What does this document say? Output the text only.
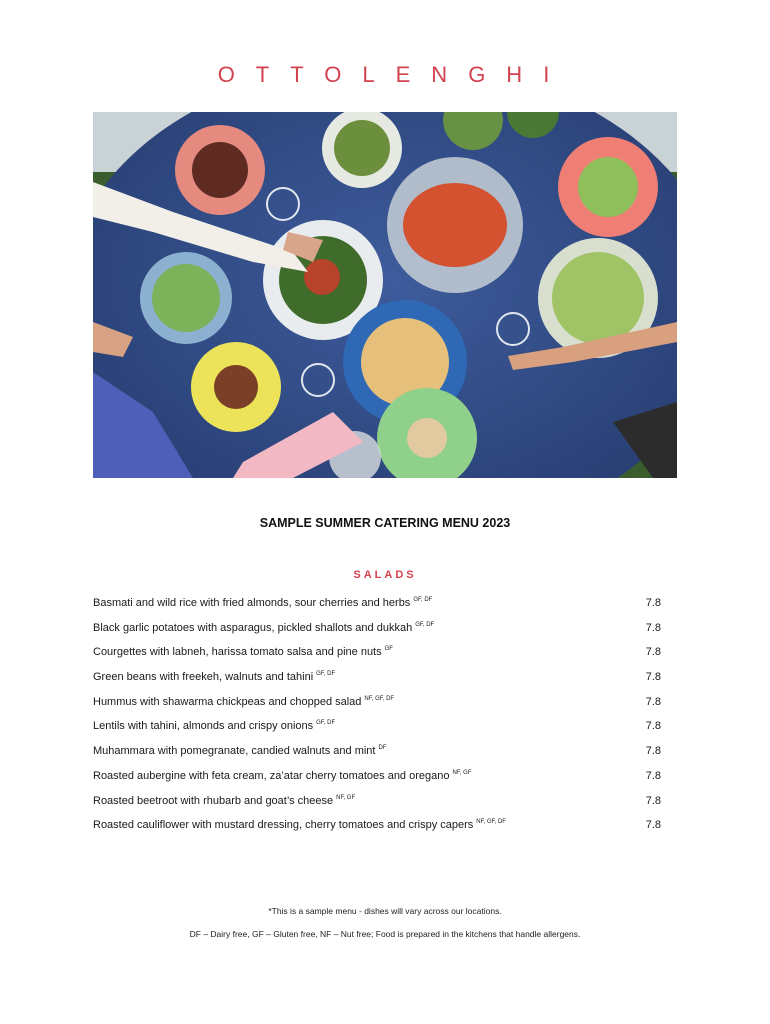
OTTOLENGHI
SAMPLE SUMMER CATERING MENU 2023
SALADS
Basmati and wild rice with fried almonds, sour cherries and herbs $^{GF, DF}$	7.8
Black garlic potatoes with asparagus, pickled shallots and dukkah $^{GF, DF}$	7.8
Courgettes with labneh, harissa tomato salsa and pine nuts $^{GF}$	7.8
Green beans with freekeh, walnuts and tahini $^{GF, DF}$	7.8
Hummus with shawarma chickpeas and chopped salad $^{NF, GF, DF}$	7.8
Lentils with tahini, almonds and crispy onions $^{GF, DF}$	7.8
Muhammara with pomegranate, candied walnuts and mint $^{DF}$	7.8
Roasted aubergine with feta cream, za’atar cherry tomatoes and oregano $^{NF, GF}$	7.8
Roasted beetroot with rhubarb and goat’s cheese $^{NF, GF}$	7.8
Roasted cauliflower with mustard dressing, cherry tomatoes and crispy capers $^{NF, GF, DF}$	7.8
*This is a sample menu - dishes will vary across our locations.
DF – Dairy free, GF – Gluten free, NF – Nut free; Food is prepared in the kitchens that handle allergens.
